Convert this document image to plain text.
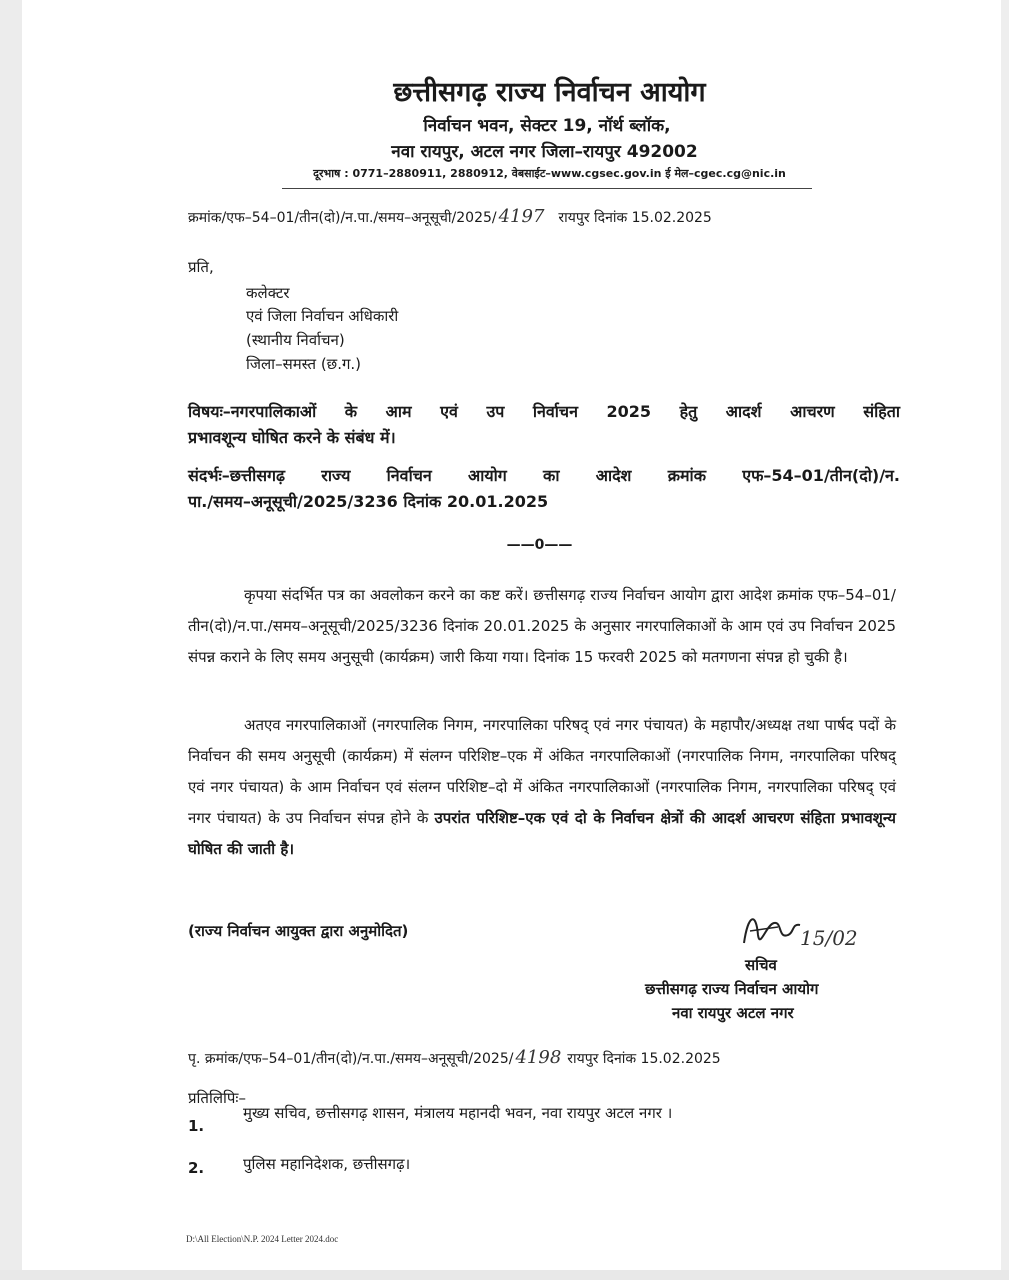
छत्तीसगढ़ राज्य निर्वाचन आयोग
निर्वाचन भवन, सेक्टर 19, नॉर्थ ब्लॉक,
नवा रायपुर, अटल नगर जिला–रायपुर 492002
दूरभाष : 0771–2880911, 2880912, वेबसाईट–www.cgsec.gov.in ई मेल–cgec.cg@nic.in
क्रमांक/एफ–54–01/तीन(दो)/न.पा./समय–अनूसूची/2025/ 4197 रायपुर दिनांक 15.02.2025
प्रति,
कलेक्टर
एवं जिला निर्वाचन अधिकारी
(स्थानीय निर्वाचन)
जिला–समस्त (छ.ग.)
विषयः–नगरपालिकाओं के आम एवं उप निर्वाचन 2025 हेतु आदर्श आचरण संहिता
प्रभावशून्य घोषित करने के संबंध में।
संदर्भः–छत्तीसगढ़ राज्य निर्वाचन आयोग का आदेश क्रमांक एफ–54–01/तीन(दो)/न.
पा./समय–अनूसूची/2025/3236 दिनांक 20.01.2025
——0——
कृपया संदर्भित पत्र का अवलोकन करने का कष्ट करें। छत्तीसगढ़ राज्य निर्वाचन आयोग द्वारा आदेश क्रमांक एफ–54–01/तीन(दो)/न.पा./समय–अनूसूची/2025/3236 दिनांक 20.01.2025 के अनुसार नगरपालिकाओं के आम एवं उप निर्वाचन 2025 संपन्न कराने के लिए समय अनुसूची (कार्यक्रम) जारी किया गया। दिनांक 15 फरवरी 2025 को मतगणना संपन्न हो चुकी है।
अतएव नगरपालिकाओं (नगरपालिक निगम, नगरपालिका परिषद् एवं नगर पंचायत) के महापौर/अध्यक्ष तथा पार्षद पदों के निर्वाचन की समय अनुसूची (कार्यक्रम) में संलग्न परिशिष्ट–एक में अंकित नगरपालिकाओं (नगरपालिक निगम, नगरपालिका परिषद् एवं नगर पंचायत) के आम निर्वाचन एवं संलग्न परिशिष्ट–दो में अंकित नगरपालिकाओं (नगरपालिक निगम, नगरपालिका परिषद् एवं नगर पंचायत) के उप निर्वाचन संपन्न होने के उपरांत परिशिष्ट–एक एवं दो के निर्वाचन क्षेत्रों की आदर्श आचरण संहिता प्रभावशून्य घोषित की जाती है।
(राज्य निर्वाचन आयुक्त द्वारा अनुमोदित)	15/02
सचिव
छत्तीसगढ़ राज्य निर्वाचन आयोग
नवा रायपुर अटल नगर
पृ. क्रमांक/एफ–54–01/तीन(दो)/न.पा./समय–अनूसूची/2025/ 4198 रायपुर दिनांक 15.02.2025
प्रतिलिपिः–
1.
मुख्य सचिव, छत्तीसगढ़ शासन, मंत्रालय महानदी भवन, नवा रायपुर अटल नगर ।
2.	पुलिस महानिदेशक, छत्तीसगढ़।
D:\All Election\N.P. 2024 Letter 2024.doc
